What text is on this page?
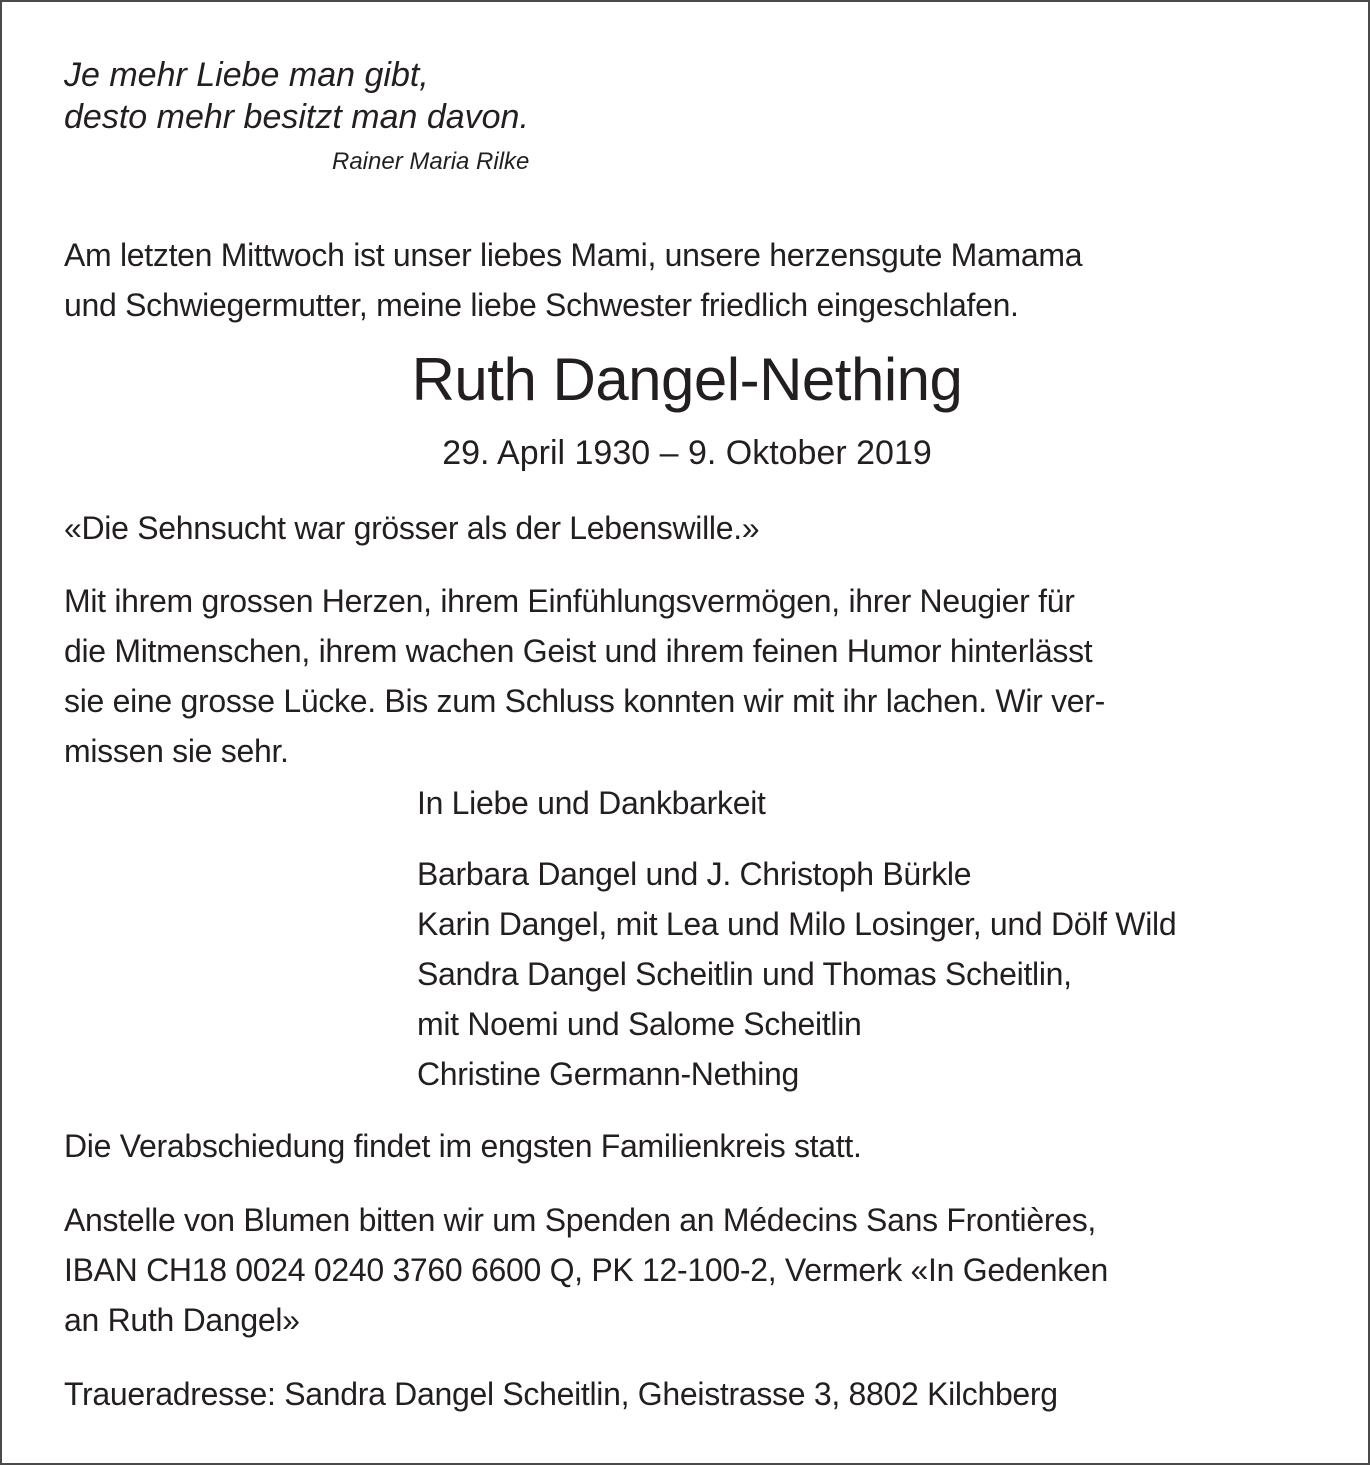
Je mehr Liebe man gibt,

desto mehr besitzt man davon.

Rainer Maria Rilke

Am letzten Mittwoch ist unser liebes Mami, unsere herzensgute Mamama

und Schwiegermutter, meine liebe Schwester friedlich eingeschlafen.

Ruth Dangel-Nething

29. April 1930 – 9. Oktober 2019

«Die Sehnsucht war grösser als der Lebenswille.»

Mit ihrem grossen Herzen, ihrem Einfühlungsvermögen, ihrer Neugier für

die Mitmenschen, ihrem wachen Geist und ihrem feinen Humor hinterlässt

sie eine grosse Lücke. Bis zum Schluss konnten wir mit ihr lachen. Wir ver-

missen sie sehr.

In Liebe und Dankbarkeit

Barbara Dangel und J. Christoph Bürkle

Karin Dangel, mit Lea und Milo Losinger, und Dölf Wild

Sandra Dangel Scheitlin und Thomas Scheitlin,

mit Noemi und Salome Scheitlin

Christine Germann-Nething

Die Verabschiedung findet im engsten Familienkreis statt.

Anstelle von Blumen bitten wir um Spenden an Médecins Sans Frontières,

IBAN CH18 0024 0240 3760 6600 Q, PK 12-100-2, Vermerk «In Gedenken

an Ruth Dangel»

Traueradresse: Sandra Dangel Scheitlin, Gheistrasse 3, 8802 Kilchberg
